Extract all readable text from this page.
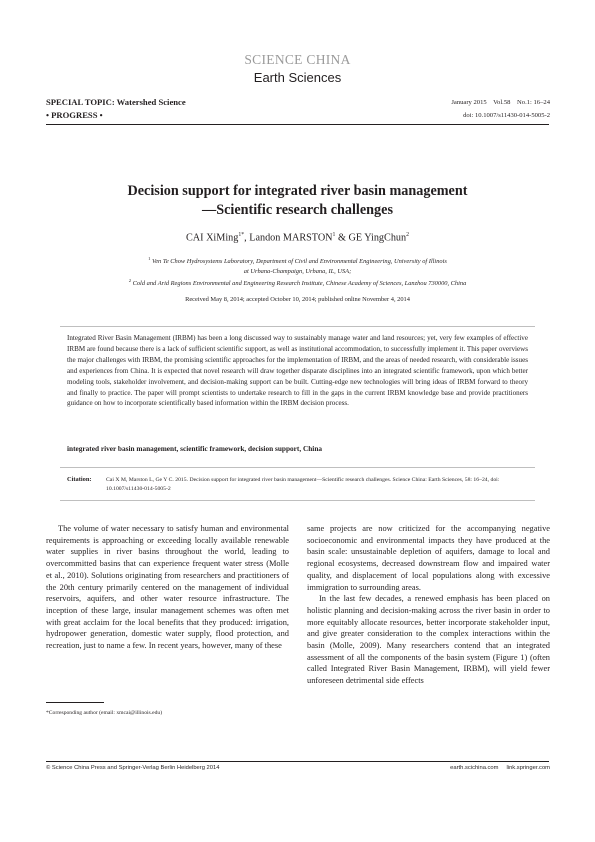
SCIENCE CHINA
Earth Sciences
SPECIAL TOPIC: Watershed Science
• PROGRESS •
January 2015    Vol.58    No.1: 16–24
doi: 10.1007/s11430-014-5005-2
Decision support for integrated river basin management
—Scientific research challenges
CAI XiMing$^{1*}$, Landon MARSTON$^1$ & GE YingChun$^2$
$^1$ Ven Te Chow Hydrosystems Laboratory, Department of Civil and Environmental Engineering, University of Illinois
at Urbana-Champaign, Urbana, IL, USA;
$^2$ Cold and Arid Regions Environmental and Engineering Research Institute, Chinese Academy of Sciences, Lanzhou 730000, China
Received May 8, 2014; accepted October 10, 2014; published online November 4, 2014
Integrated River Basin Management (IRBM) has been a long discussed way to sustainably manage water and land resources; yet, very few examples of effective IRBM are found because there is a lack of sufficient scientific support, as well as institutional accommodation, to successfully implement it. This paper overviews the major challenges with IRBM, the promising scientific approaches for the implementation of IRBM, and the areas of needed research, with considerable issues and experiences from China. It is expected that novel research will draw together disparate disciplines into an integrated scientific framework, upon which better modeling tools, stakeholder involvement, and decision-making support can be built. Cutting-edge new technologies will bring ideas of IRBM forward to theory and finally to practice. The paper will prompt scientists to undertake research to fill in the gaps in the current IRBM knowledge base and provide practitioners guidance on how to incorporate scientifically based information within the IRBM decision process.
integrated river basin management, scientific framework, decision support, China
Citation:	Cai X M, Marston L, Ge Y C. 2015. Decision support for integrated river basin management—Scientific research challenges. Science China: Earth Sciences, 58: 16–24, doi: 10.1007/s11430-014-5005-2

The volume of water necessary to satisfy human and environmental requirements is approaching or exceeding locally available renewable water supplies in river basins throughout the world, leading to overcommitted basins that can experience frequent water stress (Molle et al., 2010). Solutions originating from researchers and practitioners of the 20th century primarily centered on the management of individual reservoirs, aquifers, and other water resource infrastructure. The inception of these large, insular management schemes was often met with great acclaim for the local benefits that they produced: irrigation, hydropower generation, domestic water supply, flood protection, and recreation, just to name a few. In recent years, however, many of these

same projects are now criticized for the accompanying negative socioeconomic and environmental impacts they have produced at the basin scale: unsustainable depletion of aquifers, damage to local and regional ecosystems, decreased downstream flow and impaired water quality, and displacement of local populations along with excessive immigration to surrounding areas.

In the last few decades, a renewed emphasis has been placed on holistic planning and decision-making across the river basin in order to more equitably allocate resources, better incorporate stakeholder input, and give greater consideration to the complex interactions within the basin (Molle, 2009). Many researchers contend that an integrated assessment of all the components of the basin system (Figure 1) (often called Integrated River Basin Management, IRBM), will yield fewer unforeseen detrimental side effects

*Corresponding author (email: xmcai@illinois.edu)
© Science China Press and Springer-Verlag Berlin Heidelberg 2014	earth.scichina.com link.springer.com
